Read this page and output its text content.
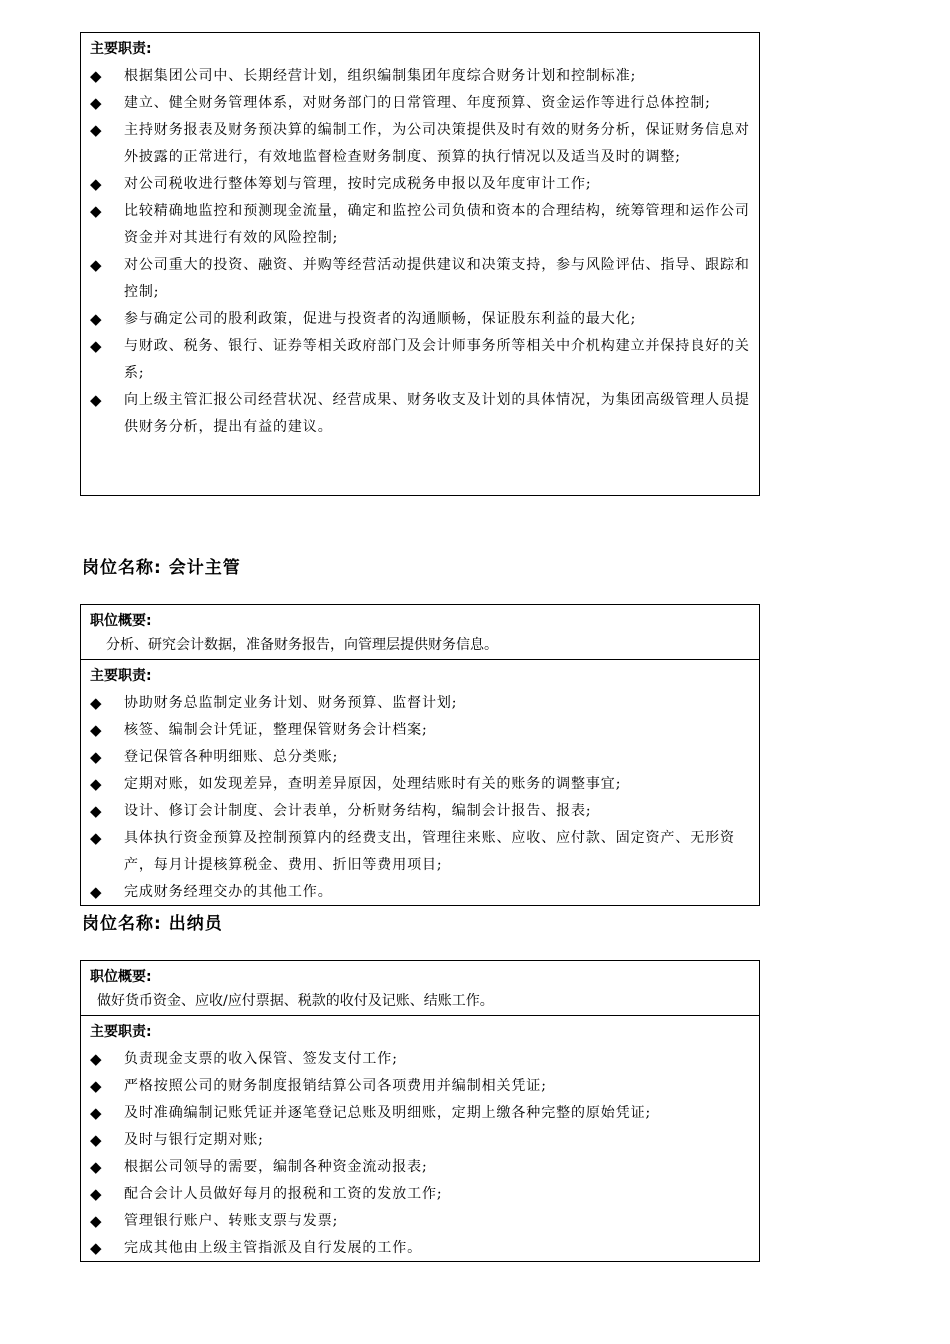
主要职责:
◆ 根据集团公司中、长期经营计划，组织编制集团年度综合财务计划和控制标准;
◆ 建立、健全财务管理体系，对财务部门的日常管理、年度预算、资金运作等进行总体控制;
◆ 主持财务报表及财务预决算的编制工作，为公司决策提供及时有效的财务分析，保证财务信息对外披露的正常进行，有效地监督检查财务制度、预算的执行情况以及适当及时的调整;
◆ 对公司税收进行整体筹划与管理，按时完成税务申报以及年度审计工作;
◆ 比较精确地监控和预测现金流量，确定和监控公司负债和资本的合理结构，统筹管理和运作公司资金并对其进行有效的风险控制;
◆ 对公司重大的投资、融资、并购等经营活动提供建议和决策支持，参与风险评估、指导、跟踪和控制;
◆ 参与确定公司的股利政策，促进与投资者的沟通顺畅，保证股东利益的最大化;
◆ 与财政、税务、银行、证券等相关政府部门及会计师事务所等相关中介机构建立并保持良好的关系;
◆ 向上级主管汇报公司经营状况、经营成果、财务收支及计划的具体情况，为集团高级管理人员提供财务分析，提出有益的建议。
岗位名称: 会计主管
职位概要:
分析、研究会计数据，准备财务报告，向管理层提供财务信息。
主要职责:
◆ 协助财务总监制定业务计划、财务预算、监督计划;
◆ 核签、编制会计凭证，整理保管财务会计档案;
◆ 登记保管各种明细账、总分类账;
◆ 定期对账，如发现差异，查明差异原因，处理结账时有关的账务的调整事宜;
◆ 设计、修订会计制度、会计表单，分析财务结构，编制会计报告、报表;
◆ 具体执行资金预算及控制预算内的经费支出，管理往来账、应收、应付款、固定资产、无形资产，每月计提核算税金、费用、折旧等费用项目;
◆ 完成财务经理交办的其他工作。
岗位名称: 出纳员
职位概要:
做好货币资金、应收/应付票据、税款的收付及记账、结账工作。
主要职责:
◆ 负责现金支票的收入保管、签发支付工作;
◆ 严格按照公司的财务制度报销结算公司各项费用并编制相关凭证;
◆ 及时准确编制记账凭证并逐笔登记总账及明细账，定期上缴各种完整的原始凭证;
◆ 及时与银行定期对账;
◆ 根据公司领导的需要，编制各种资金流动报表;
◆ 配合会计人员做好每月的报税和工资的发放工作;
◆ 管理银行账户、转账支票与发票;
◆ 完成其他由上级主管指派及自行发展的工作。
